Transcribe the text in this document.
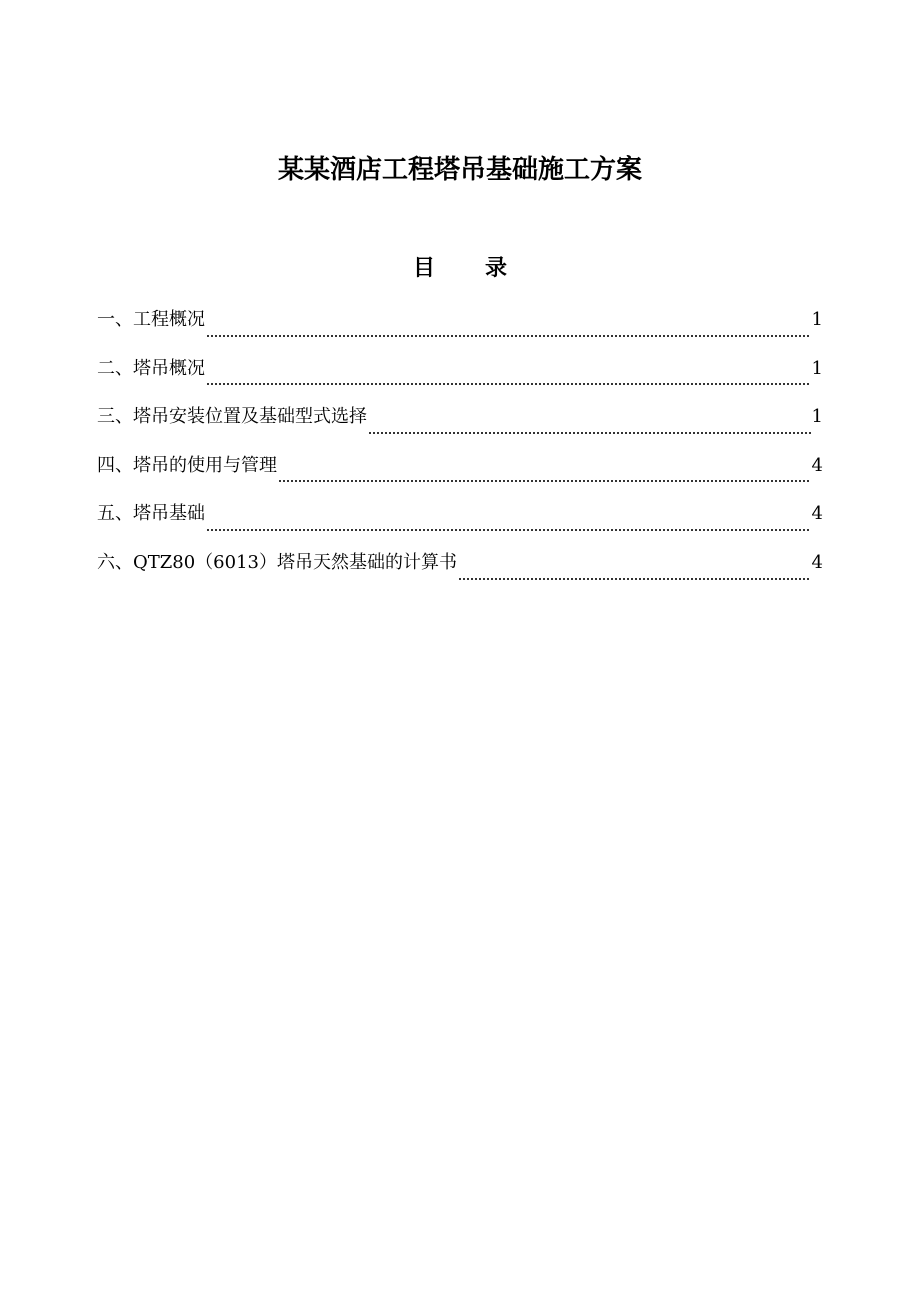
某某酒店工程塔吊基础施工方案
目 录
一、工程概况	1
二、塔吊概况	1
三、塔吊安装位置及基础型式选择	1
四、塔吊的使用与管理	4
五、塔吊基础	4
六、QTZ80（6013）塔吊天然基础的计算书	4
